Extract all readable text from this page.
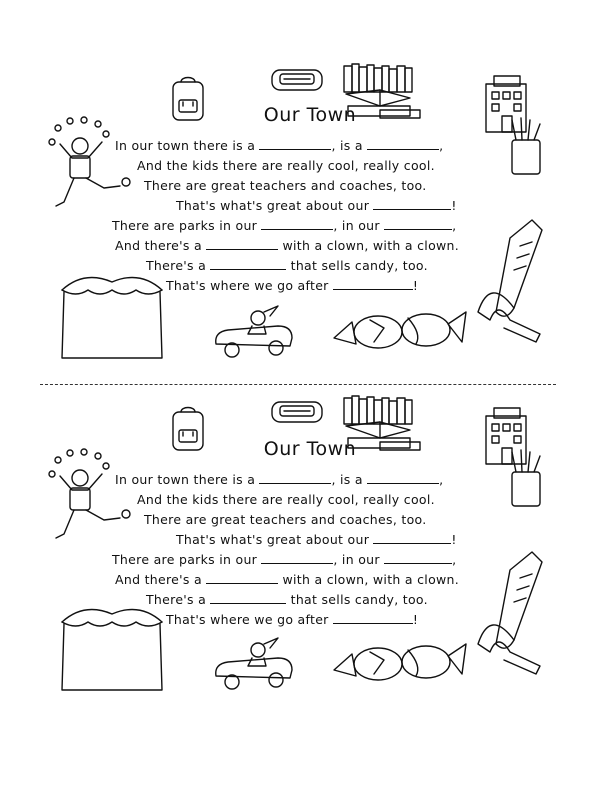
Our Town
In our town there is a	, is a	,
And the kids there are really cool, really cool.
There are great teachers and coaches, too.
That's what's great about our	!
There are parks in our	, in our	,
And there's a	with a clown, with a clown.
There's a	that sells candy, too.
That's where we go after	!
Our Town
In our town there is a	, is a	,
And the kids there are really cool, really cool.
There are great teachers and coaches, too.
That's what's great about our	!
There are parks in our	, in our	,
And there's a	with a clown, with a clown.
There's a	that sells candy, too.
That's where we go after	!
